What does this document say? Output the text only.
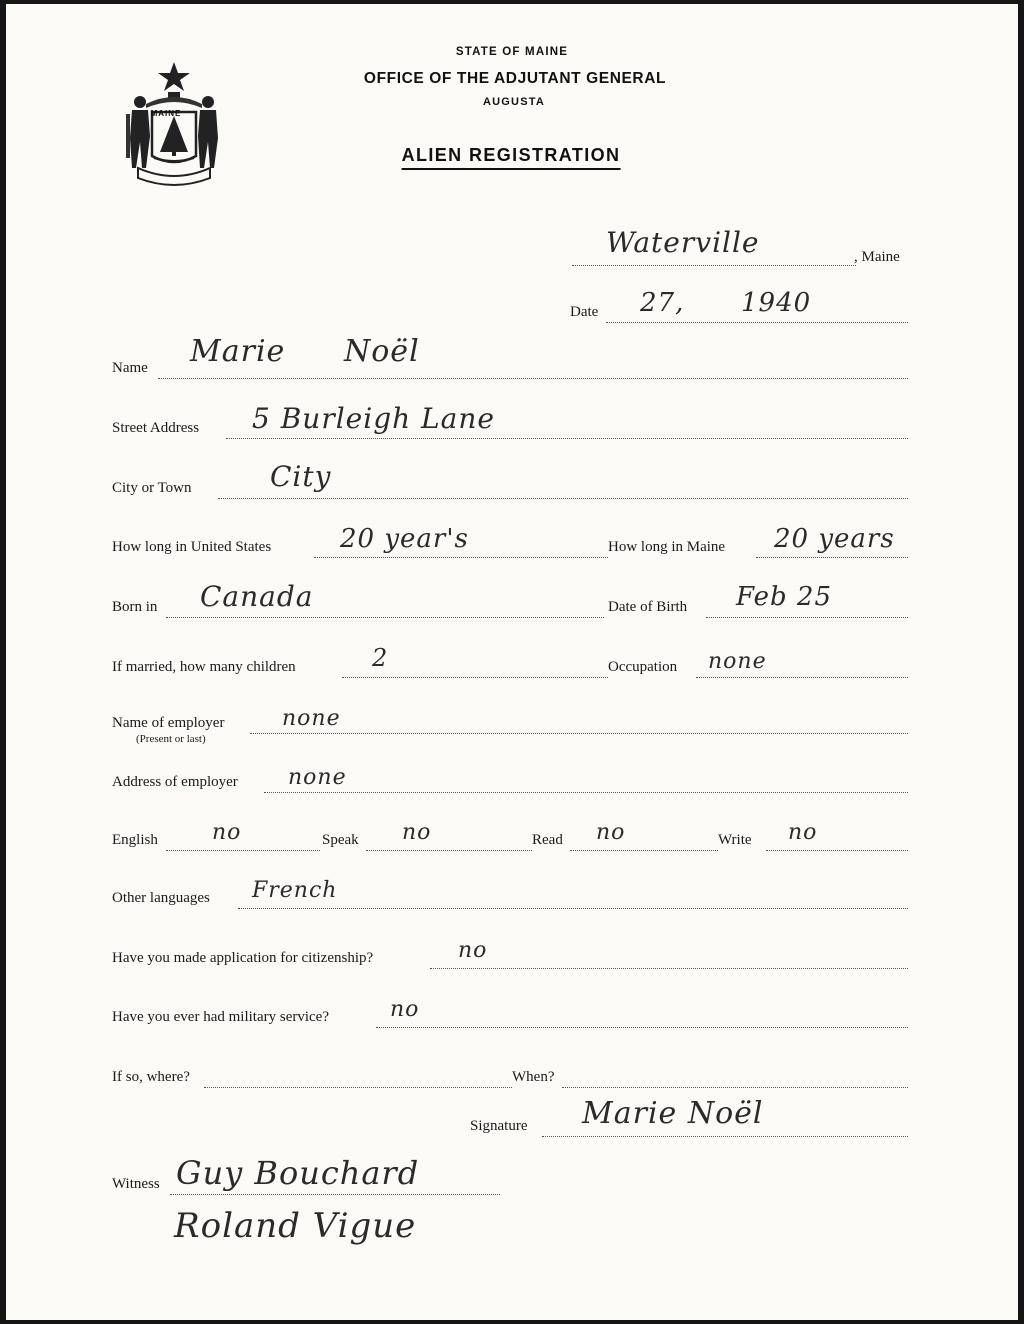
MAINE
STATE OF MAINE
OFFICE OF THE ADJUTANT GENERAL
AUGUSTA
ALIEN REGISTRATION
Waterville	, Maine
Date 27, 1940
Name Marie Noël
Street Address 5 Burleigh Lane
City or Town	City
How long in United States	20 year's	How long in Maine 20 years
Born in Canada	Date of Birth Feb 25
If married, how many children	2	Occupation none
Name of employer
(Present or last)
none
Address of employer none
English no	Speak no	Read no	Write no
Other languages French
Have you made application for citizenship?	no
Have you ever had military service?	no
If so, where?	When?
Signature Marie Noël
Witness Guy Bouchard
Roland Vigue
